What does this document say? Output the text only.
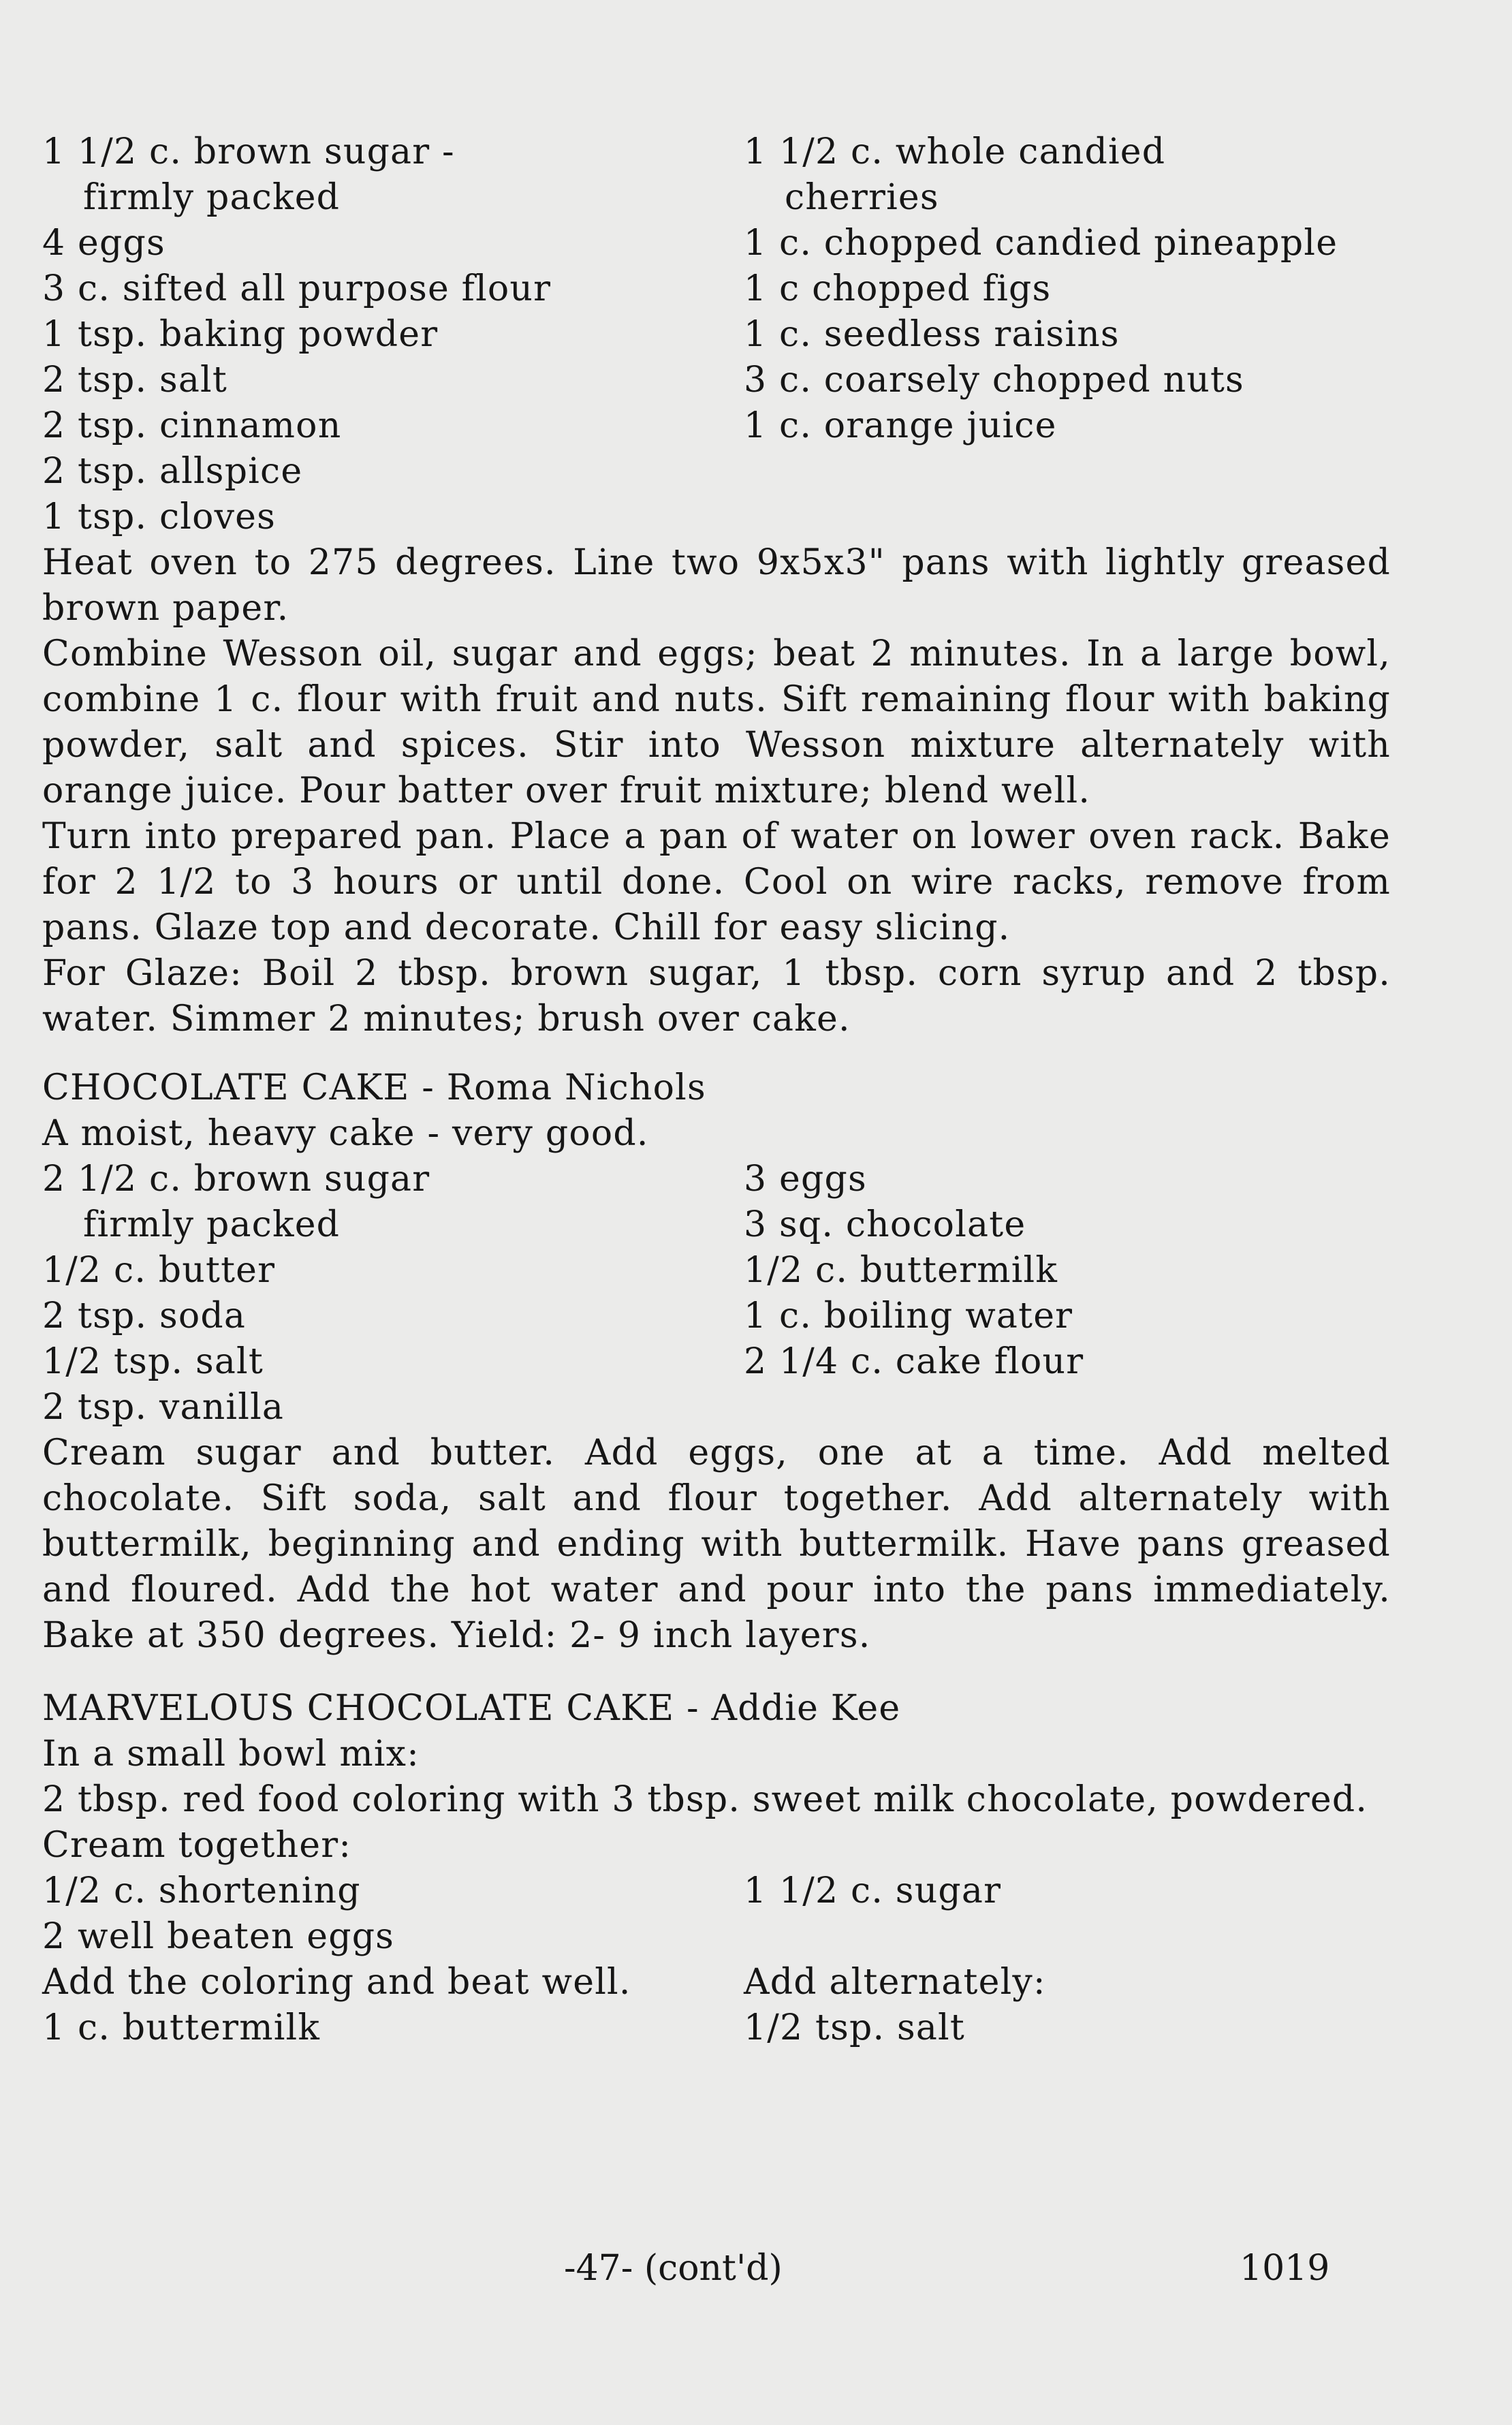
1 1/2 c. brown sugar -	1 1/2 c. whole candied
firmly packed	cherries
4 eggs	1 c. chopped candied pineapple
3 c. sifted all purpose flour	1 c chopped figs
1 tsp. baking powder	1 c. seedless raisins
2 tsp. salt	3 c. coarsely chopped nuts
2 tsp. cinnamon	1 c. orange juice
2 tsp. allspice
1 tsp. cloves
Heat oven to 275 degrees. Line two 9x5x3" pans with lightly greased brown paper.
Combine Wesson oil, sugar and eggs; beat 2 minutes. In a large bowl, combine 1 c. flour with fruit and nuts. Sift remaining flour with baking powder, salt and spices. Stir into Wesson mixture alternately with orange juice. Pour batter over fruit mixture; blend well.
Turn into prepared pan. Place a pan of water on lower oven rack. Bake for 2 1/2 to 3 hours or until done. Cool on wire racks, remove from pans. Glaze top and decorate. Chill for easy slicing.
For Glaze: Boil 2 tbsp. brown sugar, 1 tbsp. corn syrup and 2 tbsp. water. Simmer 2 minutes; brush over cake.
CHOCOLATE CAKE - Roma Nichols
A moist, heavy cake - very good.
2 1/2 c. brown sugar	3 eggs
firmly packed	3 sq. chocolate
1/2 c. butter	1/2 c. buttermilk
2 tsp. soda	1 c. boiling water
1/2 tsp. salt	2 1/4 c. cake flour
2 tsp. vanilla
Cream sugar and butter. Add eggs, one at a time. Add melted chocolate. Sift soda, salt and flour together. Add alternately with buttermilk, beginning and ending with buttermilk. Have pans greased and floured. Add the hot water and pour into the pans immediately. Bake at 350 degrees. Yield: 2- 9 inch layers.
MARVELOUS CHOCOLATE CAKE - Addie Kee
In a small bowl mix:
2 tbsp. red food coloring with 3 tbsp. sweet milk chocolate, powdered.
Cream together:
1/2 c. shortening	1 1/2 c. sugar
2 well beaten eggs
Add the coloring and beat well.	Add alternately:
1 c. buttermilk	1/2 tsp. salt
-47- (cont'd)	1019
